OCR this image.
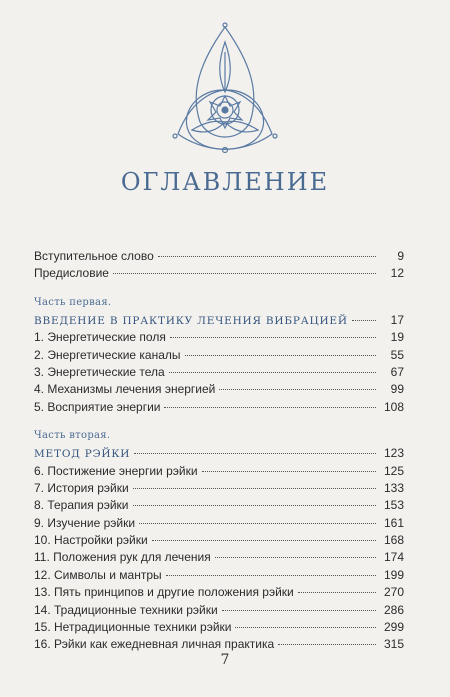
ОГЛАВЛЕНИЕ
Вступительное слово	9
Предисловие	12
Часть первая.
ВВЕДЕНИЕ В ПРАКТИКУ ЛЕЧЕНИЯ ВИБРАЦИЕЙ	17
1. Энергетические поля	19
2. Энергетические каналы	55
3. Энергетические тела	67
4. Механизмы лечения энергией	99
5. Восприятие энергии	108
Часть вторая.
МЕТОД РЭЙКИ	123
6. Постижение энергии рэйки	125
7. История рэйки	133
8. Терапия рэйки	153
9. Изучение рэйки	161
10. Настройки рэйки	168
11. Положения рук для лечения	174
12. Символы и мантры	199
13. Пять принципов и другие положения рэйки	270
14. Традиционные техники рэйки	286
15. Нетрадиционные техники рэйки	299
16. Рэйки как ежедневная личная практика	315
7
